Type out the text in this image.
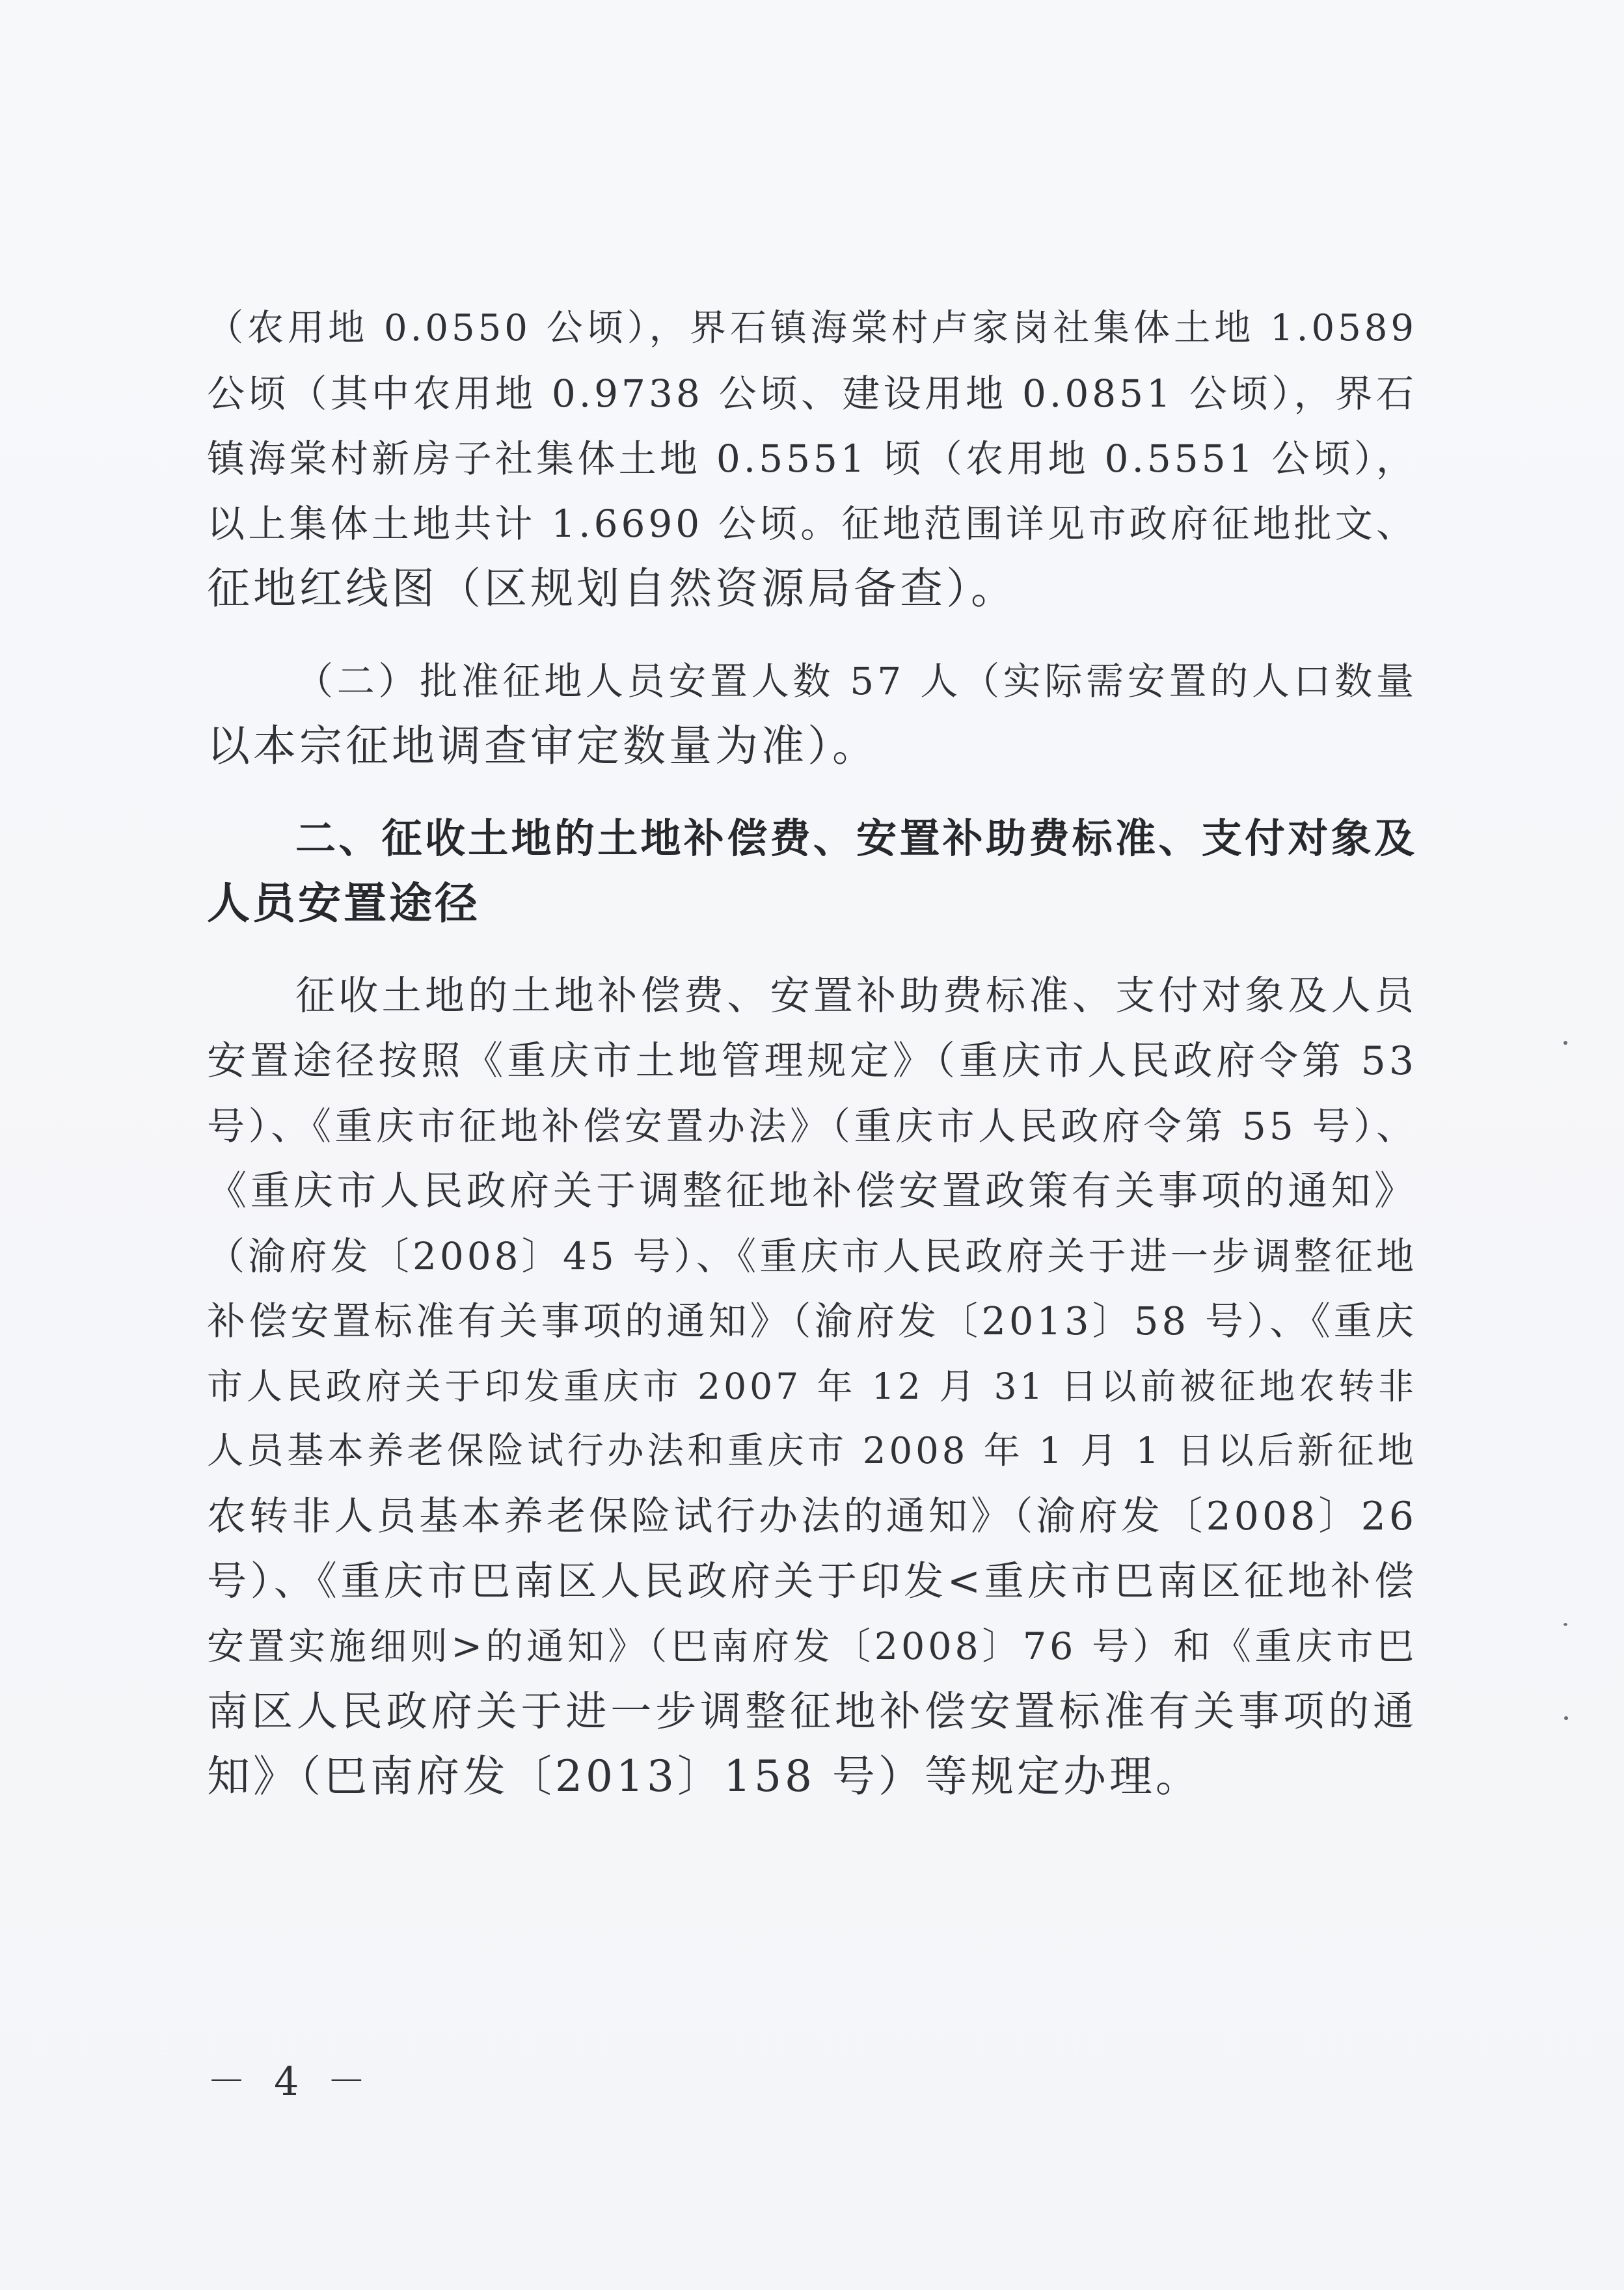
（农用地 0.0550 公顷），界石镇海棠村卢家岗社集体土地 1.0589

公顷（其中农用地 0.9738 公顷、建设用地 0.0851 公顷），界石

镇海棠村新房子社集体土地 0.5551 顷（农用地 0.5551 公顷），

以上集体土地共计 1.6690 公顷。征地范围详见市政府征地批文、

征地红线图（区规划自然资源局备查）。

（二）批准征地人员安置人数 57 人（实际需安置的人口数量

以本宗征地调查审定数量为准）。

二、征收土地的土地补偿费、安置补助费标准、支付对象及

人员安置途径

征收土地的土地补偿费、安置补助费标准、支付对象及人员

安置途径按照《重庆市土地管理规定》（重庆市人民政府令第 53

号）、《重庆市征地补偿安置办法》（重庆市人民政府令第 55 号）、

《重庆市人民政府关于调整征地补偿安置政策有关事项的通知》

（渝府发〔2008〕45 号）、《重庆市人民政府关于进一步调整征地

补偿安置标准有关事项的通知》（渝府发〔2013〕58 号）、《重庆

市人民政府关于印发重庆市 2007 年 12 月 31 日以前被征地农转非

人员基本养老保险试行办法和重庆市 2008 年 1 月 1 日以后新征地

农转非人员基本养老保险试行办法的通知》（渝府发〔2008〕26

号）、《重庆市巴南区人民政府关于印发<重庆市巴南区征地补偿

安置实施细则>的通知》（巴南府发〔2008〕76 号）和《重庆市巴

南区人民政府关于进一步调整征地补偿安置标准有关事项的通

知》（巴南府发〔2013〕158 号）等规定办理。

－ 4 －
